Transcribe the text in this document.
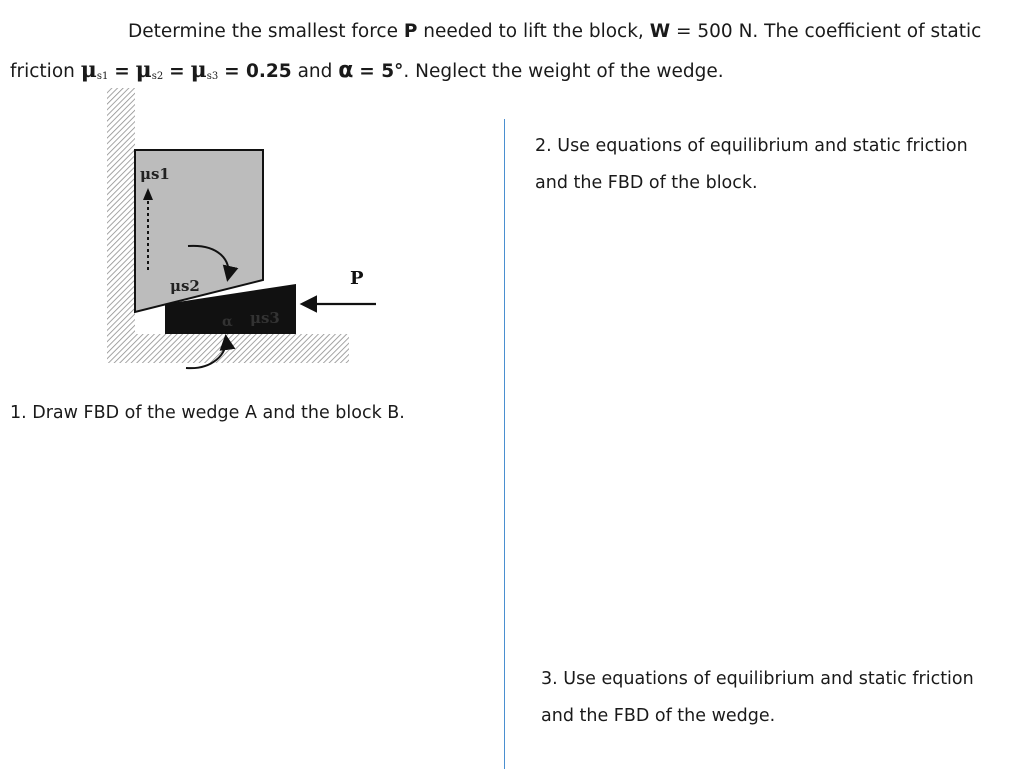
Determine the smallest force P needed to lift the block, W = 500 N. The coefficient of static
friction $\mu_{s1} = \mu_{s2} = \mu_{s3} = 0.25$ and α = 5°. Neglect the weight of the wedge.
μs1
μs2
μs3
α
P
1. Draw FBD of the wedge A and the block B.
2. Use equations of equilibrium and static friction
and the FBD of the block.
3. Use equations of equilibrium and static friction
and the FBD of the wedge.
